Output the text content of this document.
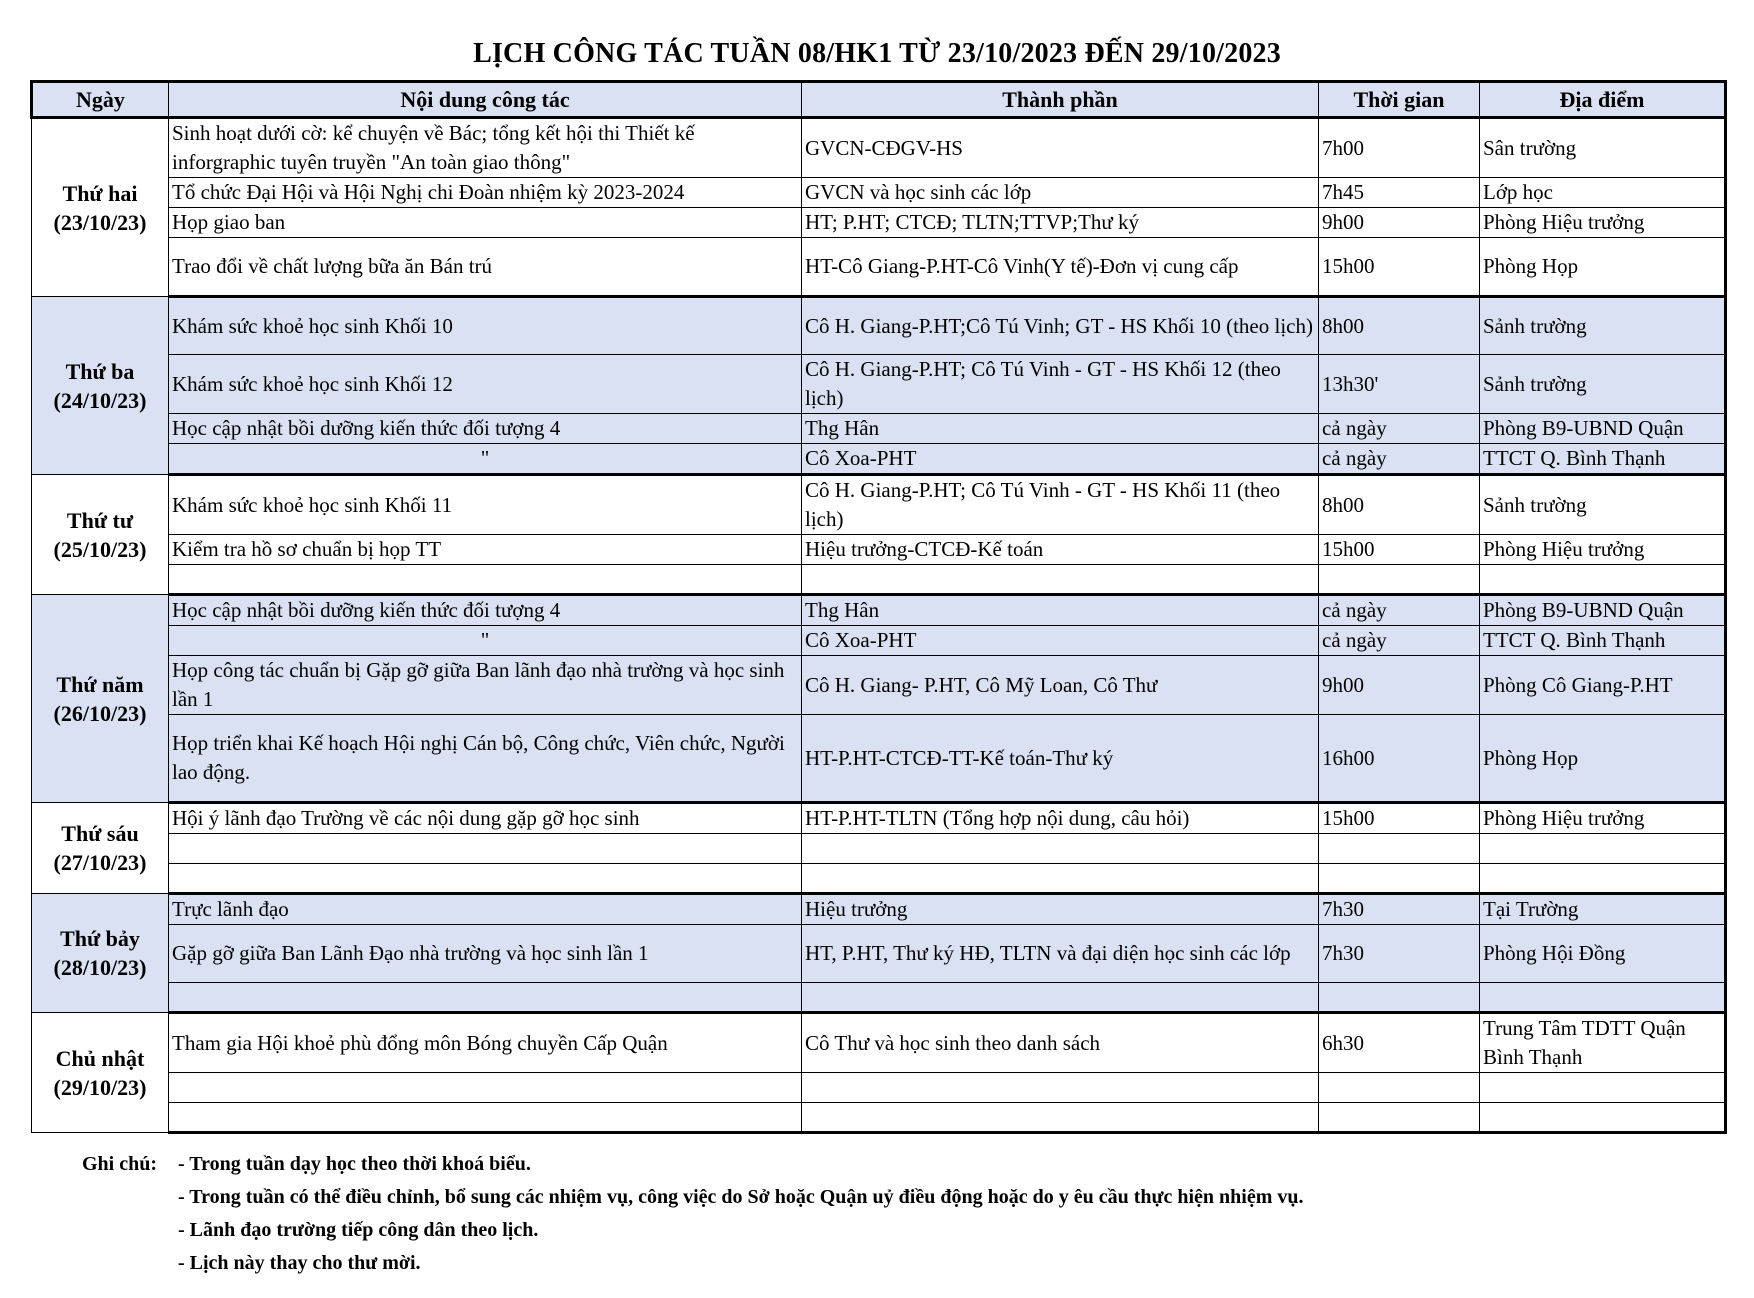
LỊCH CÔNG TÁC TUẦN 08/HK1 TỪ 23/10/2023 ĐẾN 29/10/2023
Ngày	Nội dung công tác	Thành phần	Thời gian	Địa điểm

Thứ hai
(23/10/23)	Sinh hoạt dưới cờ: kể chuyện về Bác; tổng kết hội thi Thiết kế inforgraphic tuyên truyền "An toàn giao thông"	GVCN-CĐGV-HS	7h00	Sân trường
	Tổ chức Đại Hội và Hội Nghị chi Đoàn nhiệm kỳ 2023-2024	GVCN và học sinh các lớp	7h45	Lớp học
	Họp giao ban	HT; P.HT; CTCĐ; TLTN;TTVP;Thư ký	9h00	Phòng Hiệu trưởng
	Trao đổi về chất lượng bữa ăn Bán trú	HT-Cô Giang-P.HT-Cô Vinh(Y tế)-Đơn vị cung cấp	15h00	Phòng Họp

Thứ ba
(24/10/23)	Khám sức khoẻ học sinh Khối 10	Cô H. Giang-P.HT;Cô Tú Vinh; GT - HS Khối 10 (theo lịch)	8h00	Sảnh trường
	Khám sức khoẻ học sinh Khối 12	Cô H. Giang-P.HT; Cô Tú Vinh - GT - HS Khối 12 (theo lịch)	13h30'	Sảnh trường
	Học cập nhật bồi dưỡng kiến thức đối tượng 4	Thg Hân	cả ngày	Phòng B9-UBND Quận
	"	Cô Xoa-PHT	cả ngày	TTCT Q. Bình Thạnh

Thứ tư
(25/10/23)	Khám sức khoẻ học sinh Khối 11	Cô H. Giang-P.HT; Cô Tú Vinh - GT - HS Khối 11 (theo lịch)	8h00	Sảnh trường
	Kiểm tra hồ sơ chuẩn bị họp TT	Hiệu trưởng-CTCĐ-Kế toán	15h00	Phòng Hiệu trưởng

Thứ năm
(26/10/23)	Học cập nhật bồi dưỡng kiến thức đối tượng 4	Thg Hân	cả ngày	Phòng B9-UBND Quận
	"	Cô Xoa-PHT	cả ngày	TTCT Q. Bình Thạnh
	Họp công tác chuẩn bị Gặp gỡ giữa Ban lãnh đạo nhà trường và học sinh lần 1	Cô H. Giang- P.HT, Cô Mỹ Loan, Cô Thư	9h00	Phòng Cô Giang-P.HT
	Họp triển khai Kế hoạch Hội nghị Cán bộ, Công chức, Viên chức, Người lao động.	HT-P.HT-CTCĐ-TT-Kế toán-Thư ký	16h00	Phòng Họp

Thứ sáu
(27/10/23)	Hội ý lãnh đạo Trường về các nội dung gặp gỡ học sinh	HT-P.HT-TLTN (Tổng hợp nội dung, câu hỏi)	15h00	Phòng Hiệu trưởng

Thứ bảy
(28/10/23)	Trực lãnh đạo	Hiệu trưởng	7h30	Tại Trường
	Gặp gỡ giữa Ban Lãnh Đạo nhà trường và học sinh lần 1	HT, P.HT, Thư ký HĐ, TLTN và đại diện học sinh các lớp	7h30	Phòng Hội Đồng

Chủ nhật
(29/10/23)	Tham gia Hội khoẻ phù đổng môn Bóng chuyền Cấp Quận	Cô Thư và học sinh theo danh sách	6h30	Trung Tâm TDTT Quận Bình Thạnh

Ghi chú:	- Trong tuần dạy học theo thời khoá biểu.
- Trong tuần có thể điều chỉnh, bổ sung các nhiệm vụ, công việc do Sở hoặc Quận uỷ điều động hoặc do y êu cầu thực hiện nhiệm vụ.
- Lãnh đạo trường tiếp công dân theo lịch.
- Lịch này thay cho thư mời.
